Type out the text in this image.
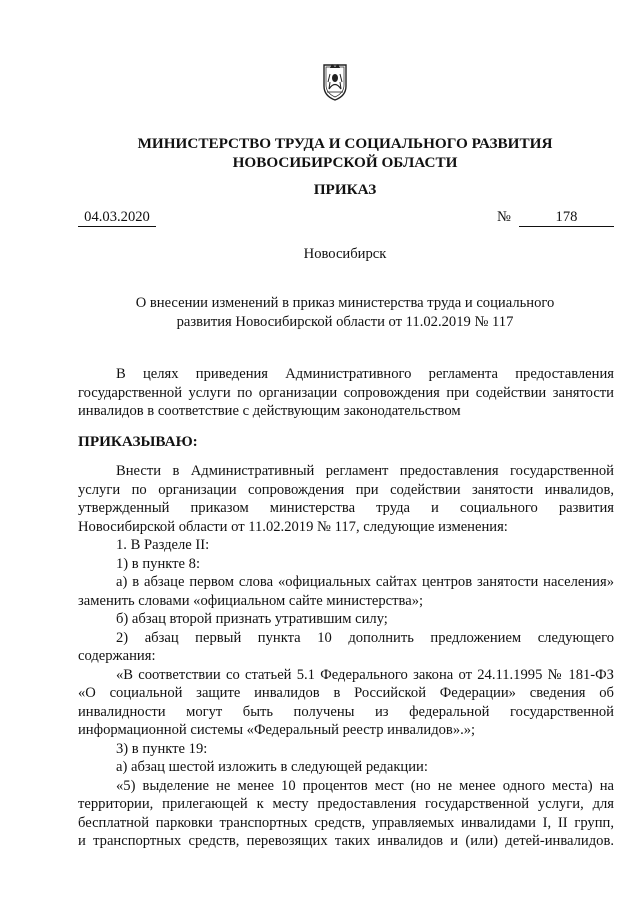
МИНИСТЕРСТВО ТРУДА И СОЦИАЛЬНОГО РАЗВИТИЯ
НОВОСИБИРСКОЙ ОБЛАСТИ
ПРИКАЗ
04.03.2020	№	178
Новосибирск
О внесении изменений в приказ министерства труда и социального
развития Новосибирской области от 11.02.2019 № 117
В целях приведения Административного регламента предоставления
государственной услуги по организации сопровождения при содействии занятости
инвалидов в соответствие с действующим законодательством
ПРИКАЗЫВАЮ:
Внести в Административный регламент предоставления государственной
услуги по организации сопровождения при содействии занятости инвалидов,
утвержденный приказом министерства труда и социального развития
Новосибирской области от 11.02.2019 № 117, следующие изменения:
1. В Разделе II:
1) в пункте 8:
а) в абзаце первом слова «официальных сайтах центров занятости населения»
заменить словами «официальном сайте министерства»;
б) абзац второй признать утратившим силу;
2) абзац первый пункта 10 дополнить предложением следующего
содержания:
«В соответствии со статьей 5.1 Федерального закона от 24.11.1995 № 181-ФЗ
«О социальной защите инвалидов в Российской Федерации» сведения об
инвалидности могут быть получены из федеральной государственной
информационной системы «Федеральный реестр инвалидов».»;
3) в пункте 19:
а) абзац шестой изложить в следующей редакции:
«5) выделение не менее 10 процентов мест (но не менее одного места) на
территории, прилегающей к месту предоставления государственной услуги, для
бесплатной парковки транспортных средств, управляемых инвалидами I, II групп,
и транспортных средств, перевозящих таких инвалидов и (или) детей-инвалидов.
